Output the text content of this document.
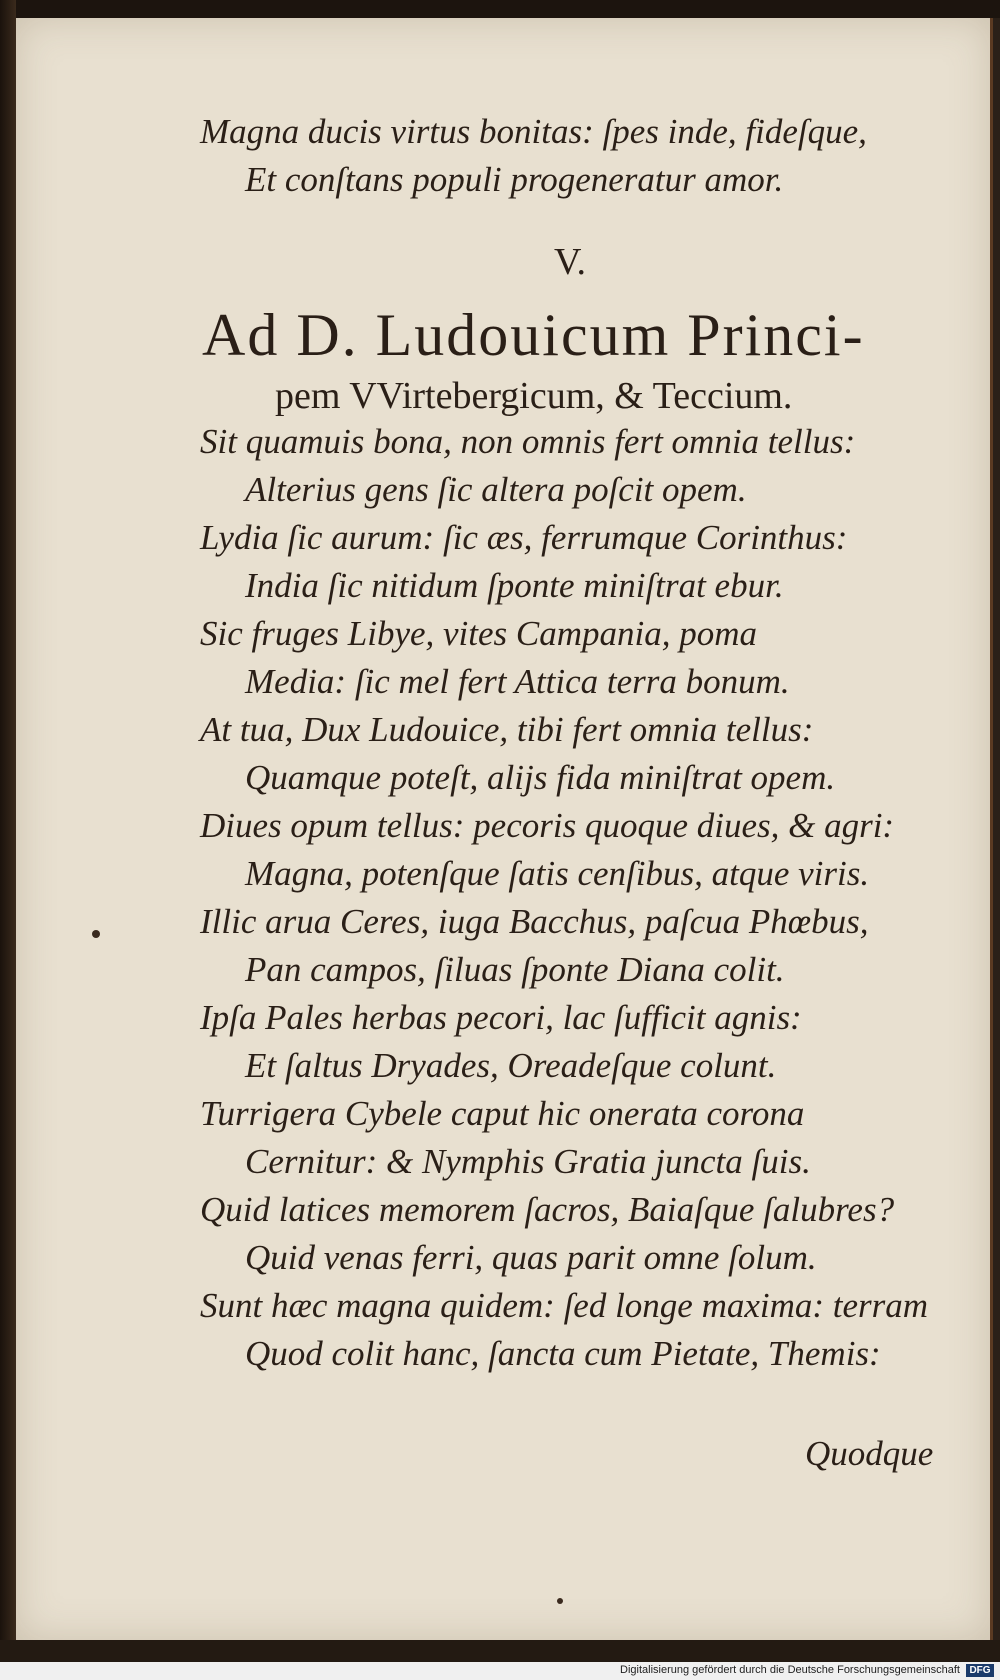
Magna ducis virtus bonitas: ſpes inde, fideſque,
Et conſtans populi progeneratur amor.
V.
Ad D. Ludouicum Princi-
pem VVirtebergicum, & Teccium.
Sit quamuis bona, non omnis fert omnia tellus:
Alterius gens ſic altera poſcit opem.
Lydia ſic aurum: ſic æs, ferrumque Corinthus:
India ſic nitidum ſponte miniſtrat ebur.
Sic fruges Libye, vites Campania, poma
Media: ſic mel fert Attica terra bonum.
At tua, Dux Ludouice, tibi fert omnia tellus:
Quamque poteſt, alijs fida miniſtrat opem.
Diues opum tellus: pecoris quoque diues, & agri:
Magna, potenſque ſatis cenſibus, atque viris.
Illic arua Ceres, iuga Bacchus, paſcua Phœbus,
Pan campos, ſiluas ſponte Diana colit.
Ipſa Pales herbas pecori, lac ſufficit agnis:
Et ſaltus Dryades, Oreadeſque colunt.
Turrigera Cybele caput hic onerata corona
Cernitur: & Nymphis Gratia juncta ſuis.
Quid latices memorem ſacros, Baiaſque ſalubres?
Quid venas ferri, quas parit omne ſolum.
Sunt hæc magna quidem: ſed longe maxima: terram
Quod colit hanc, ſancta cum Pietate, Themis:
Quodque
Digitalisierung gefördert durch die Deutsche Forschungsgemeinschaft DFG
